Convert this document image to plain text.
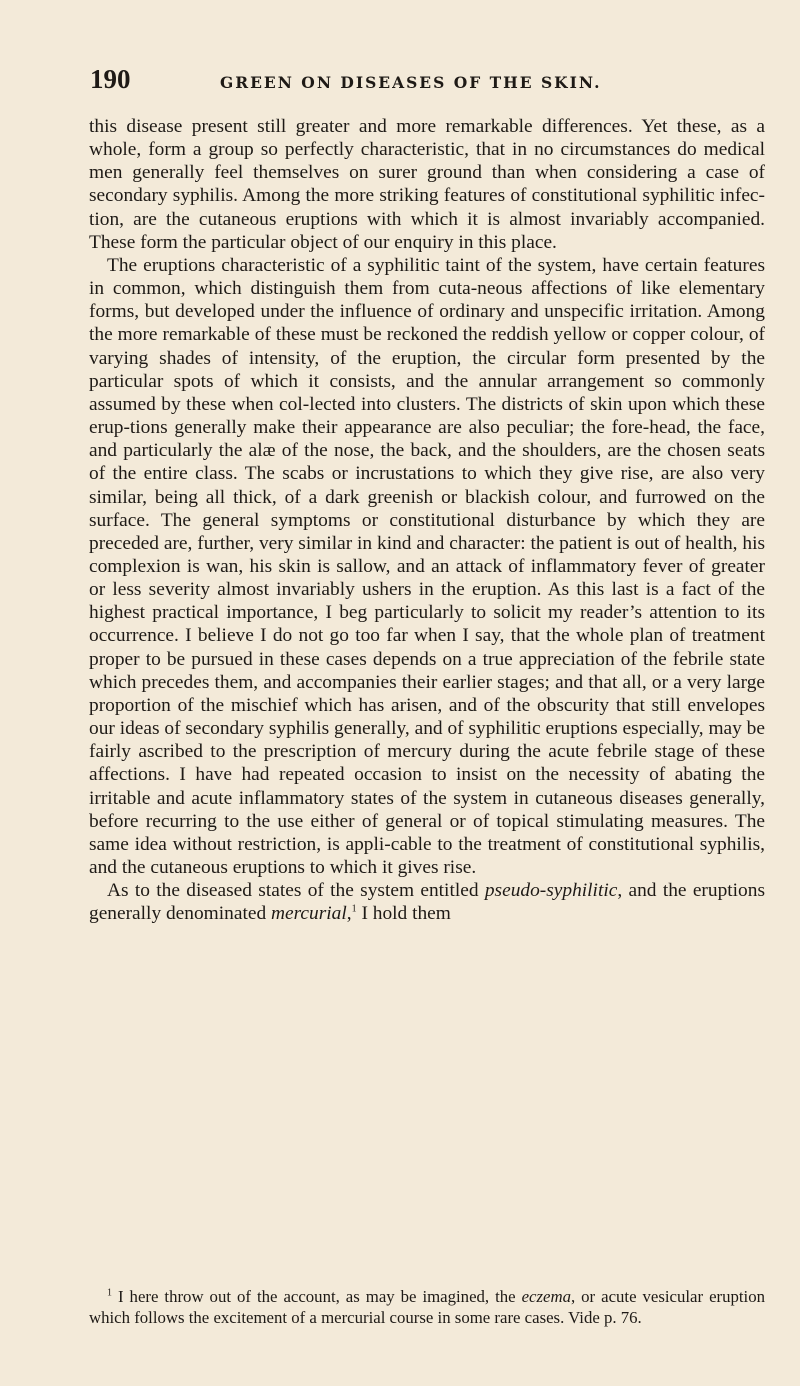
190	GREEN ON DISEASES OF THE SKIN.

this disease present still greater and more remarkable differences. Yet these, as a whole, form a group so perfectly characteristic, that in no circumstances do medical men generally feel themselves on surer ground than when considering a case of secondary syphilis. Among the more striking features of constitutional syphilitic infec-tion, are the cutaneous eruptions with which it is almost invariably accompanied. These form the particular object of our enquiry in this place.

The eruptions characteristic of a syphilitic taint of the system, have certain features in common, which distinguish them from cuta-neous affections of like elementary forms, but developed under the influence of ordinary and unspecific irritation. Among the more remarkable of these must be reckoned the reddish yellow or copper colour, of varying shades of intensity, of the eruption, the circular form presented by the particular spots of which it consists, and the annular arrangement so commonly assumed by these when col-lected into clusters. The districts of skin upon which these erup-tions generally make their appearance are also peculiar; the fore-head, the face, and particularly the alæ of the nose, the back, and the shoulders, are the chosen seats of the entire class. The scabs or incrustations to which they give rise, are also very similar, being all thick, of a dark greenish or blackish colour, and furrowed on the surface. The general symptoms or constitutional disturbance by which they are preceded are, further, very similar in kind and character: the patient is out of health, his complexion is wan, his skin is sallow, and an attack of inflammatory fever of greater or less severity almost invariably ushers in the eruption. As this last is a fact of the highest practical importance, I beg particularly to solicit my reader’s attention to its occurrence. I believe I do not go too far when I say, that the whole plan of treatment proper to be pursued in these cases depends on a true appreciation of the febrile state which precedes them, and accompanies their earlier stages; and that all, or a very large proportion of the mischief which has arisen, and of the obscurity that still envelopes our ideas of secondary syphilis generally, and of syphilitic eruptions especially, may be fairly ascribed to the prescription of mercury during the acute febrile stage of these affections. I have had repeated occasion to insist on the necessity of abating the irritable and acute inflammatory states of the system in cutaneous diseases generally, before recurring to the use either of general or of topical stimulating measures. The same idea without restriction, is appli-cable to the treatment of constitutional syphilis, and the cutaneous eruptions to which it gives rise.

As to the diseased states of the system entitled pseudo-syphilitic, and the eruptions generally denominated mercurial,$^1$ I hold them

$^1$ I here throw out of the account, as may be imagined, the eczema, or acute vesicular eruption which follows the excitement of a mercurial course in some rare cases. Vide p. 76.
